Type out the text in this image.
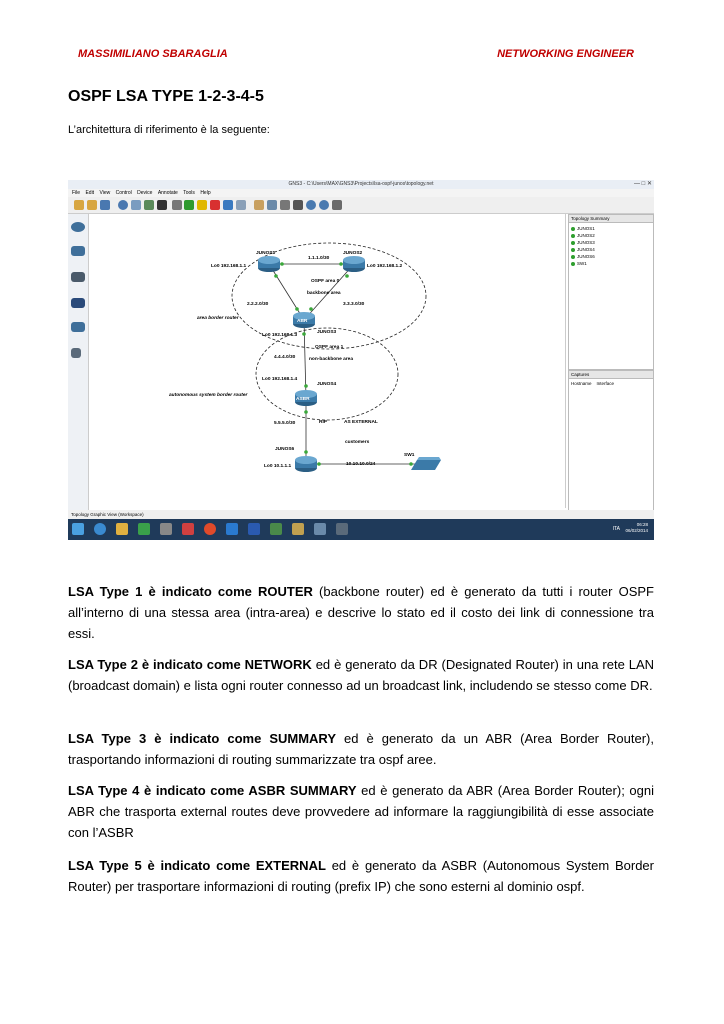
MASSIMILIANO SBARAGLIA	NETWORKING ENGINEER
OSPF LSA TYPE 1-2-3-4-5
L’architettura di riferimento è la seguente:
GNS3 - C:\Users\MAX\GNS3\Projects\lsa-ospf-junos\topology.net	— □ ✕
File Edit View Control Device Annotate Tools Help
JUNOS1	JUNOS2
Lo0 192.168.1.1	Lo0 192.168.1.2
1.1.1.0/30
OSPF area 0
backbone area
2.2.2.0/30	3.3.3.0/30
area border router
ABR
JUNOS3
Lo0 192.168.1.3
OSPF area 1
non-backbone area
4.4.4.0/30
Lo0 192.168.1.4
JUNOS4
autonomous system border router
ASBR
5.5.5.0/30	RIP	AS EXTERNAL
customers
JUNOS6
Lo0 10.1.1.1	10.10.10.0/24
SW1
Topology Summary
JUNOS1
JUNOS2
JUNOS3
JUNOS4
JUNOS6
SW1
Captures
Hostname Interface
Topology Graphic View (Workspace)
ITA
06:28
06/02/2014
LSA Type 1 è indicato come ROUTER (backbone router) ed è generato da tutti i router OSPF all’interno di una stessa area (intra-area) e descrive lo stato ed il costo dei link di connessione tra essi.
LSA Type 2 è indicato come NETWORK ed è generato da DR (Designated Router) in una rete LAN (broadcast domain) e lista ogni router connesso ad un broadcast link, includendo se stesso come DR.
LSA Type 3 è indicato come SUMMARY ed è generato da un ABR (Area Border Router), trasportando informazioni di routing summarizzate tra ospf aree.
LSA Type 4 è indicato come ASBR SUMMARY ed è generato da ABR (Area Border Router); ogni ABR che trasporta external routes deve provvedere ad informare la raggiungibilità di esse associate con l’ASBR
LSA Type 5 è indicato come EXTERNAL ed è generato da ASBR (Autonomous System Border Router) per trasportare informazioni di routing (prefix IP) che sono esterni al dominio ospf.
